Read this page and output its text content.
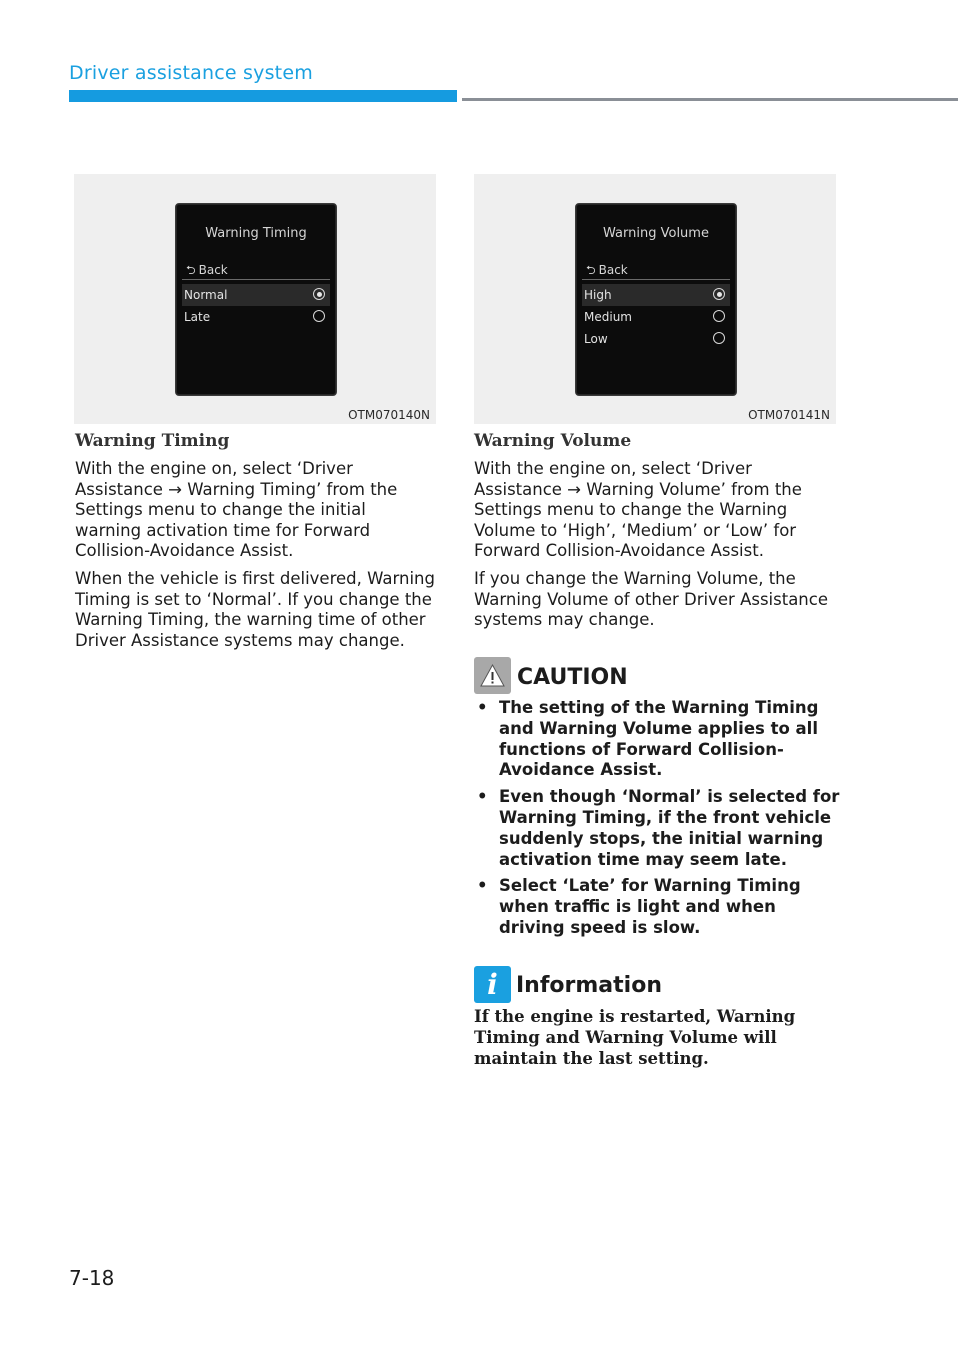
Driver assistance system
Warning Timing
⮌ Back
Normal
Late
OTM070140N
Warning Volume
⮌ Back
High
Medium
Low
OTM070141N
Warning Timing

With the engine on, select ‘Driver Assistance → Warning Timing’ from the Settings menu to change the initial warning activation time for Forward Collision-Avoidance Assist.

When the vehicle is first delivered, Warning Timing is set to ‘Normal’. If you change the Warning Timing, the warning time of other Driver Assistance systems may change.

Warning Volume

With the engine on, select ‘Driver Assistance → Warning Volume’ from the Settings menu to change the Warning Volume to ‘High’, ‘Medium’ or ‘Low’ for Forward Collision-Avoidance Assist.

If you change the Warning Volume, the Warning Volume of other Driver Assistance systems may change.

CAUTION
• The setting of the Warning Timing and Warning Volume applies to all functions of Forward Collision-Avoidance Assist.
• Even though ‘Normal’ is selected for Warning Timing, if the front vehicle suddenly stops, the initial warning activation time may seem late.
• Select ‘Late’ for Warning Timing when traffic is light and when driving speed is slow.
i Information
If the engine is restarted, Warning Timing and Warning Volume will maintain the last setting.
7-18
